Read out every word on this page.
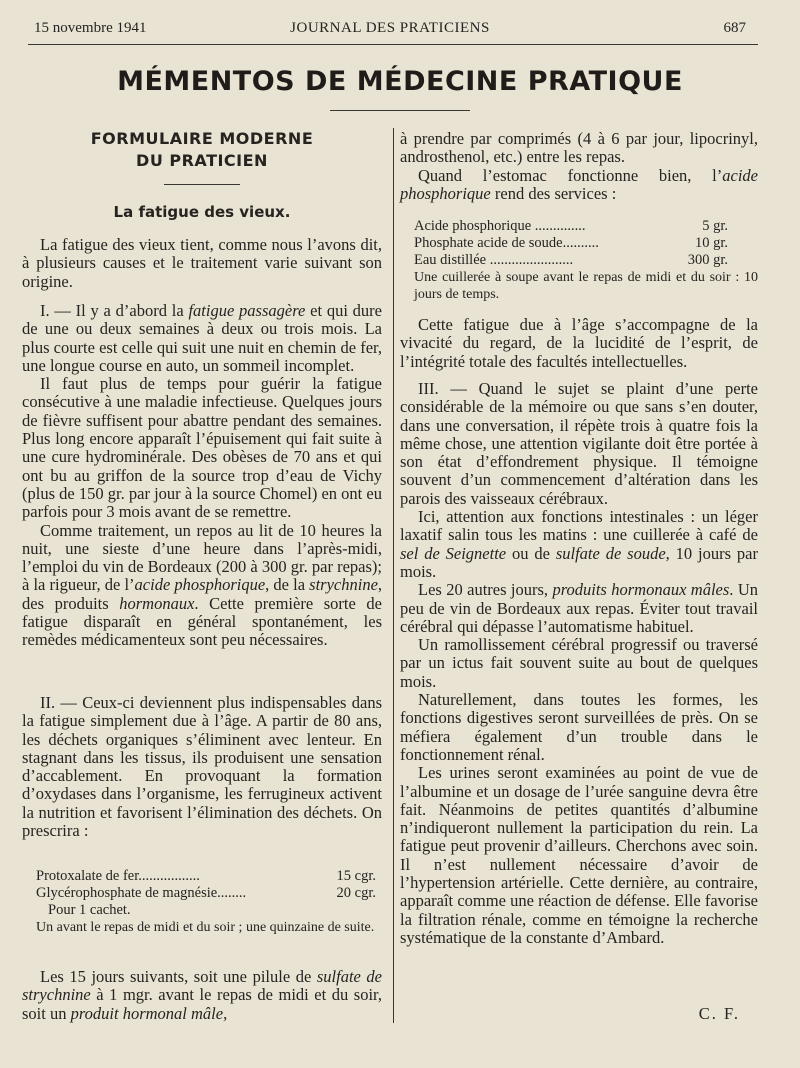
15 novembre 1941	JOURNAL DES PRATICIENS	687
MÉMENTOS DE MÉDECINE PRATIQUE
FORMULAIRE MODERNE
DU PRATICIEN
La fatigue des vieux.

La fatigue des vieux tient, comme nous l’avons dit, à plusieurs causes et le traitement varie suivant son origine.

I. — Il y a d’abord la fatigue passagère et qui dure de une ou deux semaines à deux ou trois mois. La plus courte est celle qui suit une nuit en chemin de fer, une longue course en auto, un sommeil incomplet.

Il faut plus de temps pour guérir la fatigue consécutive à une maladie infectieuse. Quelques jours de fièvre suffisent pour abattre pendant des semaines. Plus long encore apparaît l’épuisement qui fait suite à une cure hydrominérale. Des obèses de 70 ans et qui ont bu au griffon de la source trop d’eau de Vichy (plus de 150 gr. par jour à la source Chomel) en ont eu parfois pour 3 mois avant de se remettre.

Comme traitement, un repos au lit de 10 heures la nuit, une sieste d’une heure dans l’après-midi, l’emploi du vin de Bordeaux (200 à 300 gr. par repas); à la rigueur, de l’acide phosphorique, de la strychnine, des produits hormonaux. Cette première sorte de fatigue disparaît en général spontanément, les remèdes médicamenteux sont peu nécessaires.

II. — Ceux-ci deviennent plus indispensables dans la fatigue simplement due à l’âge. A partir de 80 ans, les déchets organiques s’éliminent avec lenteur. En stagnant dans les tissus, ils produisent une sensation d’accablement. En provoquant la formation d’oxydases dans l’organisme, les ferrugineux activent la nutrition et favorisent l’élimination des déchets. On prescrira :

Protoxalate de fer.................	15 cgr.
Glycérophosphate de magnésie........	20 cgr.
Pour 1 cachet.
Un avant le repas de midi et du soir ; une quinzaine de suite.

Les 15 jours suivants, soit une pilule de sulfate de strychnine à 1 mgr. avant le repas de midi et du soir, soit un produit hormonal mâle,

à prendre par comprimés (4 à 6 par jour, lipocrinyl, androsthenol, etc.) entre les repas.

Quand l’estomac fonctionne bien, l’acide phosphorique rend des services :

Acide phosphorique ..............	5 gr.
Phosphate acide de soude..........	10 gr.
Eau distillée .......................	300 gr.
Une cuillerée à soupe avant le repas de midi et du soir : 10 jours de temps.

Cette fatigue due à l’âge s’accompagne de la vivacité du regard, de la lucidité de l’esprit, de l’intégrité totale des facultés intellectuelles.

III. — Quand le sujet se plaint d’une perte considérable de la mémoire ou que sans s’en douter, dans une conversation, il répète trois à quatre fois la même chose, une attention vigilante doit être portée à son état d’effondrement physique. Il témoigne souvent d’un commencement d’altération dans les parois des vaisseaux cérébraux.

Ici, attention aux fonctions intestinales : un léger laxatif salin tous les matins : une cuillerée à café de sel de Seignette ou de sulfate de soude, 10 jours par mois.

Les 20 autres jours, produits hormonaux mâles. Un peu de vin de Bordeaux aux repas. Éviter tout travail cérébral qui dépasse l’automatisme habituel.

Un ramollissement cérébral progressif ou traversé par un ictus fait souvent suite au bout de quelques mois.

Naturellement, dans toutes les formes, les fonctions digestives seront surveillées de près. On se méfiera également d’un trouble dans le fonctionnement rénal.

Les urines seront examinées au point de vue de l’albumine et un dosage de l’urée sanguine devra être fait. Néanmoins de petites quantités d’albumine n’indiqueront nullement la participation du rein. La fatigue peut provenir d’ailleurs. Cherchons avec soin. Il n’est nullement nécessaire d’avoir de l’hypertension artérielle. Cette dernière, au contraire, apparaît comme une réaction de défense. Elle favorise la filtration rénale, comme en témoigne la recherche systématique de la constante d’Ambard.

C. F.
